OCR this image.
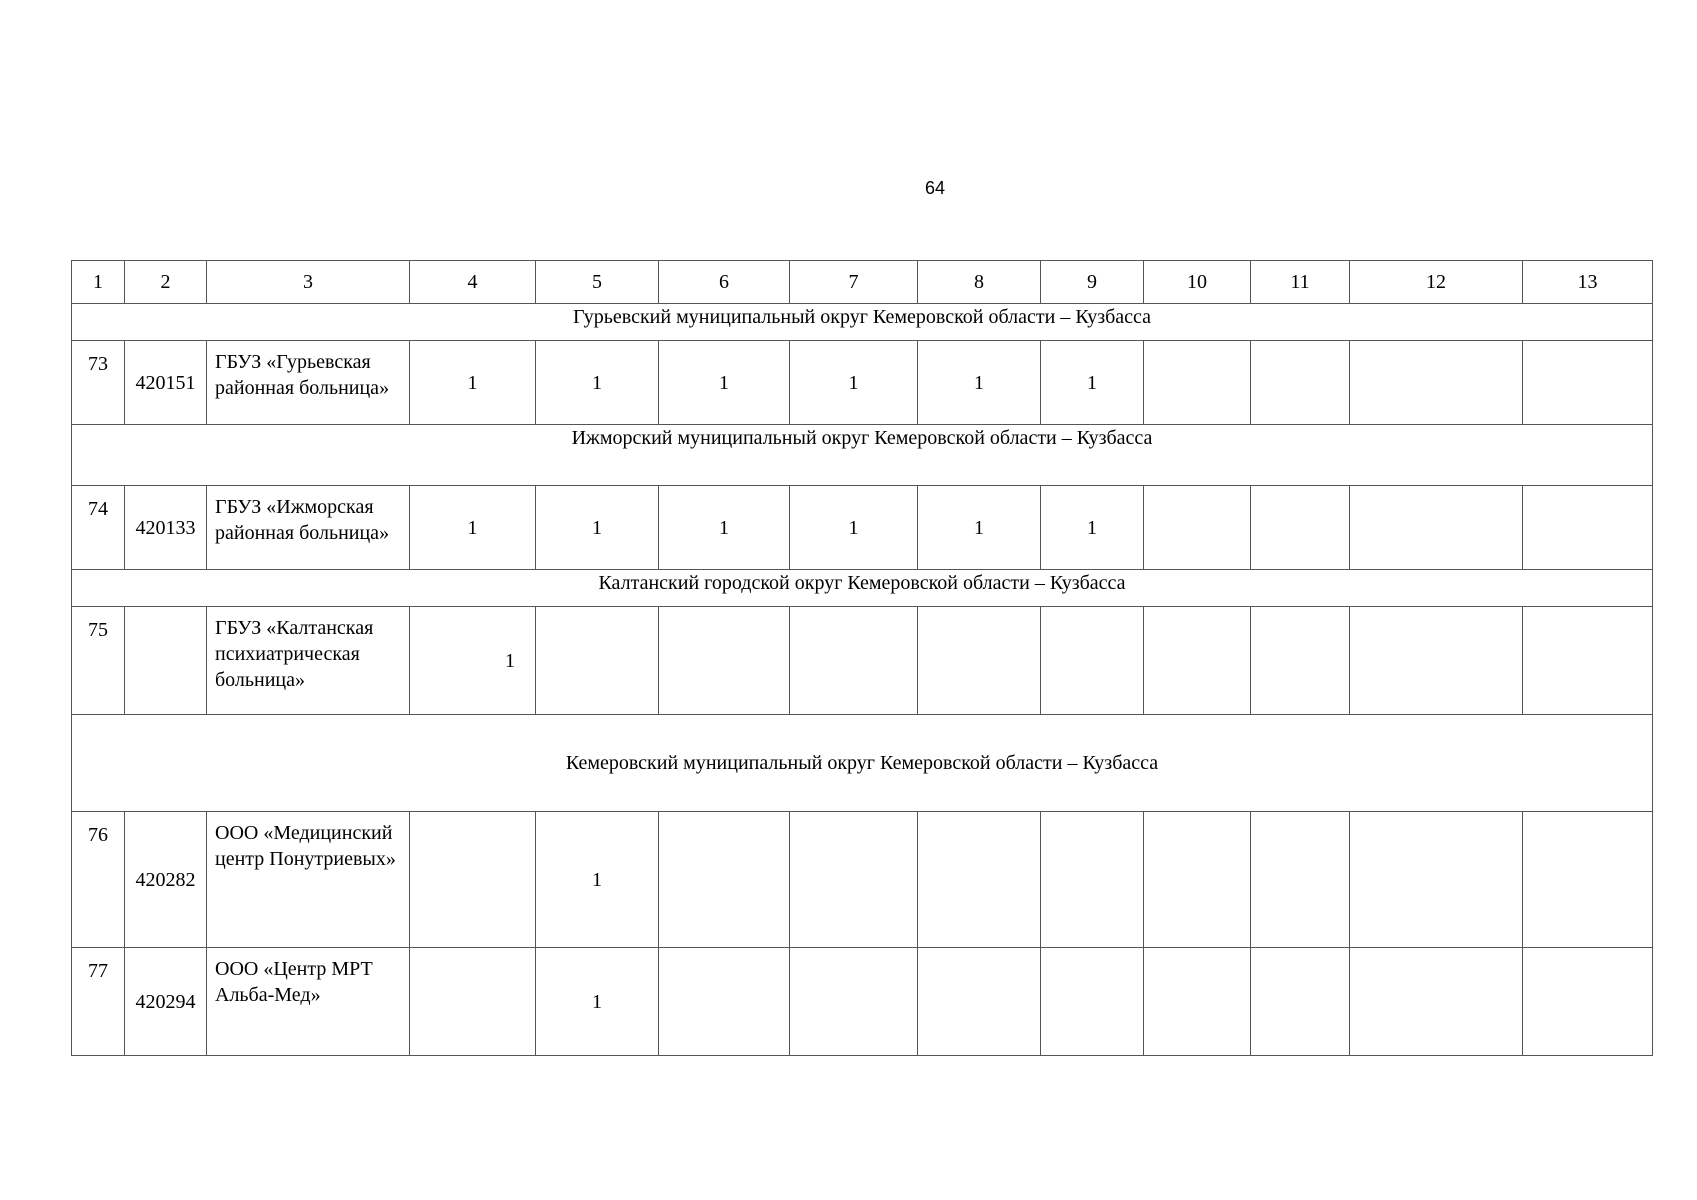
64
1	2	3	4	5	6	7	8	9	10	11	12	13
Гурьевский муниципальный округ Кемеровской области – Кузбасса												
73	420151	ГБУЗ «Гурьевская районная больница»	1	1	1	1	1	1				
Ижморский муниципальный округ Кемеровской области – Кузбасса												
74	420133	ГБУЗ «Ижморская районная больница»	1	1	1	1	1	1				
Калтанский городской округ Кемеровской области – Кузбасса												
75		ГБУЗ «Калтанская психиатрическая больница»	1									
Кемеровский муниципальный округ Кемеровской области – Кузбасса												
76	420282	ООО «Медицинский центр Понутриевых»		1								
77	420294	ООО «Центр МРТ Альба-Мед»		1								
